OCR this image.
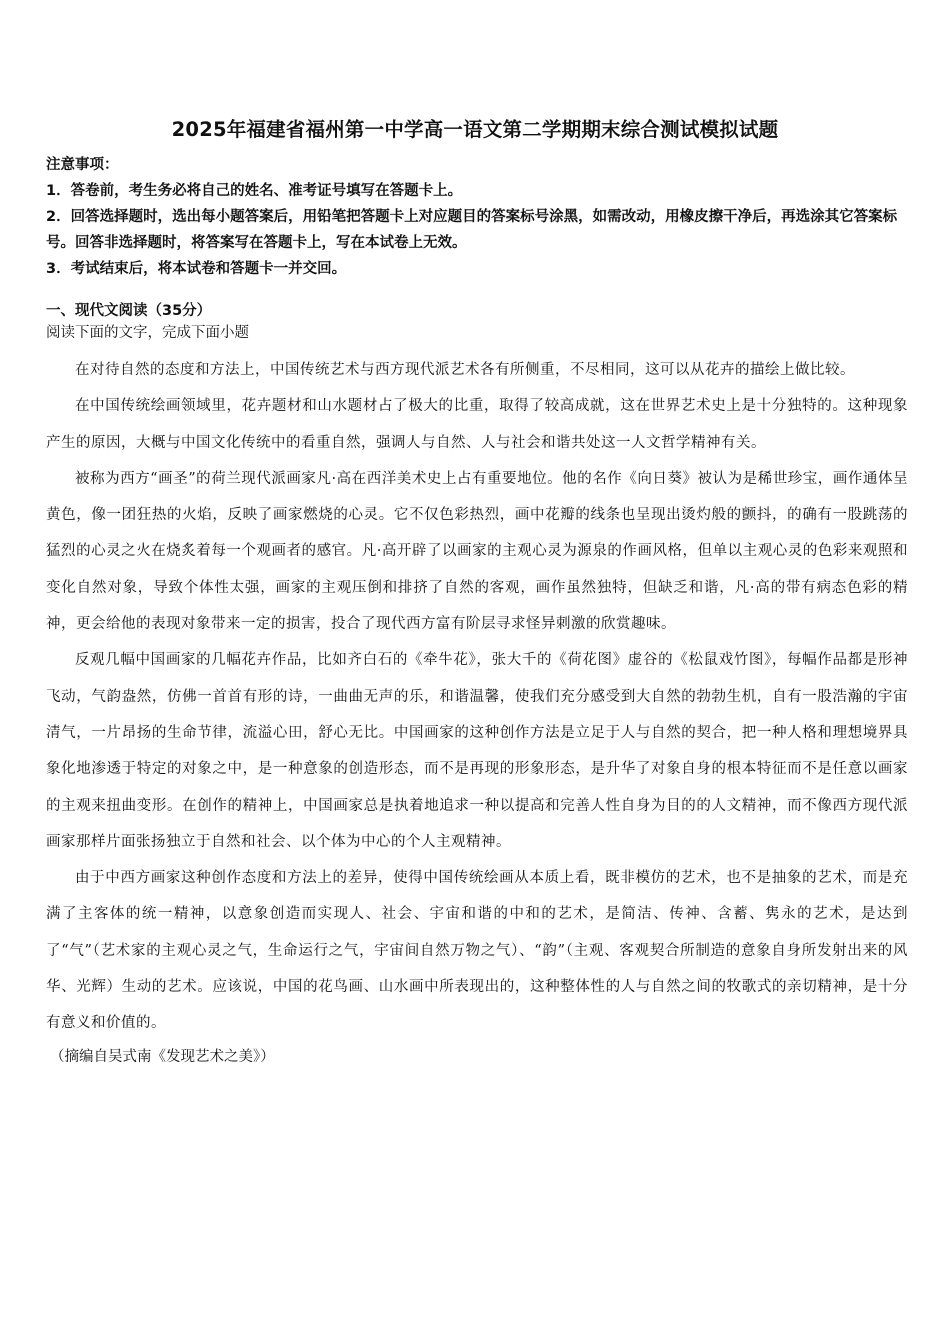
2025年福建省福州第一中学高一语文第二学期期末综合测试模拟试题

注意事项：

1．答卷前，考生务必将自己的姓名、准考证号填写在答题卡上。

2．回答选择题时，选出每小题答案后，用铅笔把答题卡上对应题目的答案标号涂黑，如需改动，用橡皮擦干净后，再选涂其它答案标号。回答非选择题时，将答案写在答题卡上，写在本试卷上无效。

3．考试结束后，将本试卷和答题卡一并交回。

一、现代文阅读（35分）

阅读下面的文字，完成下面小题

在对待自然的态度和方法上，中国传统艺术与西方现代派艺术各有所侧重，不尽相同，这可以从花卉的描绘上做比较。

在中国传统绘画领域里，花卉题材和山水题材占了极大的比重，取得了较高成就，这在世界艺术史上是十分独特的。这种现象产生的原因，大概与中国文化传统中的看重自然，强调人与自然、人与社会和谐共处这一人文哲学精神有关。

被称为西方“画圣”的荷兰现代派画家凡·高在西洋美术史上占有重要地位。他的名作《向日葵》被认为是稀世珍宝，画作通体呈黄色，像一团狂热的火焰，反映了画家燃烧的心灵。它不仅色彩热烈，画中花瓣的线条也呈现出烫灼般的颤抖，的确有一股跳荡的猛烈的心灵之火在烧炙着每一个观画者的感官。凡·高开辟了以画家的主观心灵为源泉的作画风格，但单以主观心灵的色彩来观照和变化自然对象，导致个体性太强，画家的主观压倒和排挤了自然的客观，画作虽然独特，但缺乏和谐，凡·高的带有病态色彩的精神，更会给他的表现对象带来一定的损害，投合了现代西方富有阶层寻求怪异刺激的欣赏趣味。

反观几幅中国画家的几幅花卉作品，比如齐白石的《牵牛花》，张大千的《荷花图》虚谷的《松鼠戏竹图》，每幅作品都是形神飞动，气韵盎然，仿佛一首首有形的诗，一曲曲无声的乐，和谐温馨，使我们充分感受到大自然的勃勃生机，自有一股浩瀚的宇宙清气，一片昂扬的生命节律，流溢心田，舒心无比。中国画家的这种创作方法是立足于人与自然的契合，把一种人格和理想境界具象化地渗透于特定的对象之中，是一种意象的创造形态，而不是再现的形象形态，是升华了对象自身的根本特征而不是任意以画家的主观来扭曲变形。在创作的精神上，中国画家总是执着地追求一种以提高和完善人性自身为目的的人文精神，而不像西方现代派画家那样片面张扬独立于自然和社会、以个体为中心的个人主观精神。

由于中西方画家这种创作态度和方法上的差异，使得中国传统绘画从本质上看，既非模仿的艺术，也不是抽象的艺术，而是充满了主客体的统一精神，以意象创造而实现人、社会、宇宙和谐的中和的艺术，是简洁、传神、含蓄、隽永的艺术，是达到了“气”（艺术家的主观心灵之气，生命运行之气，宇宙间自然万物之气）、“韵”（主观、客观契合所制造的意象自身所发射出来的风华、光辉）生动的艺术。应该说，中国的花鸟画、山水画中所表现出的，这种整体性的人与自然之间的牧歌式的亲切精神，是十分有意义和价值的。

（摘编自吴式南《发现艺术之美》）
